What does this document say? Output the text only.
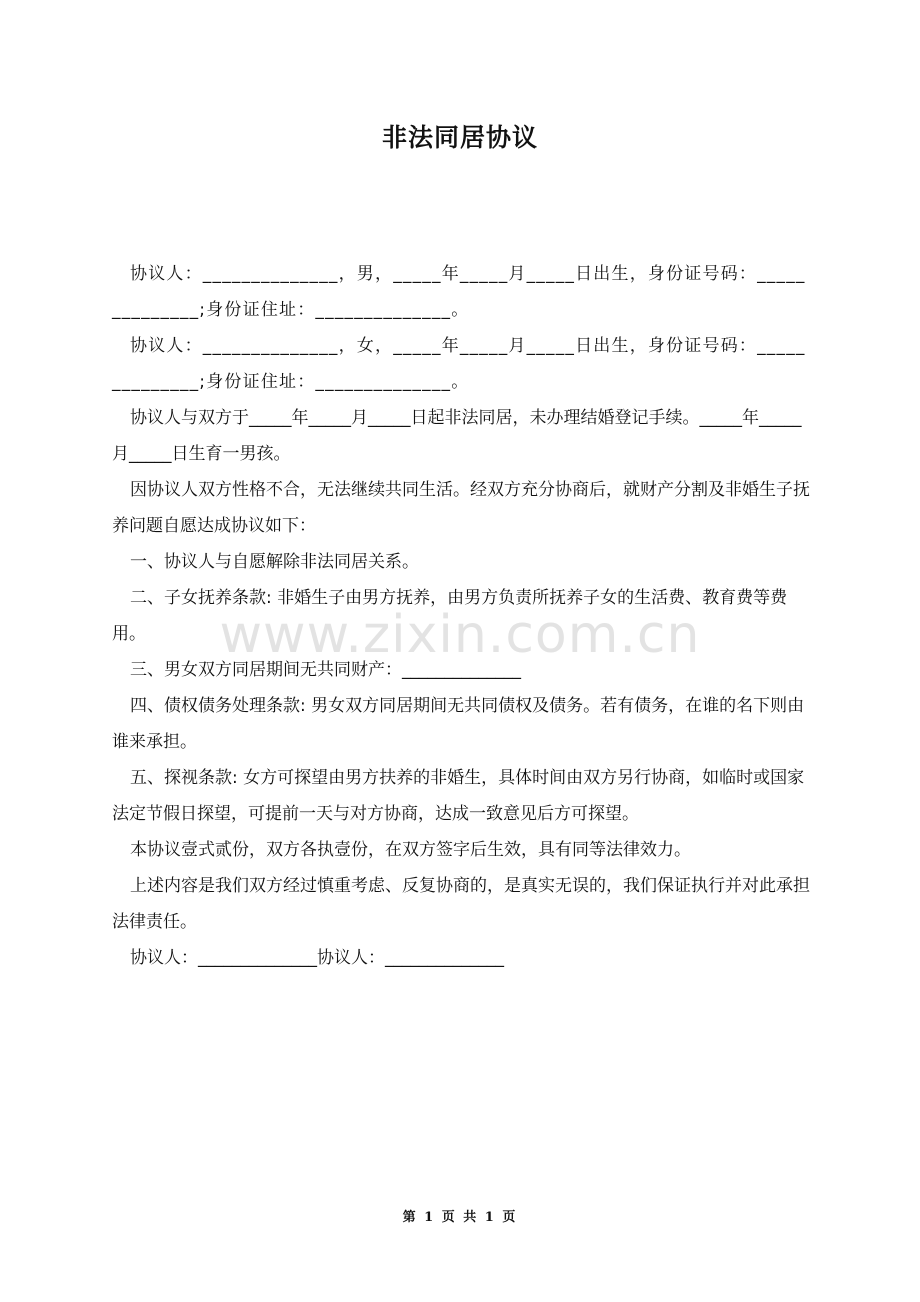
www.zixin.com.cn
非法同居协议

协议人：______________，男，_____年_____月_____日出生，身份证号码：______________;身份证住址：______________。

协议人：______________，女，_____年_____月_____日出生，身份证号码：______________;身份证住址：______________。

协议人与双方于_____年_____月_____日起非法同居，未办理结婚登记手续。_____年_____月_____日生育一男孩。

因协议人双方性格不合，无法继续共同生活。经双方充分协商后，就财产分割及非婚生子抚养问题自愿达成协议如下：

一、协议人与自愿解除非法同居关系。

二、子女抚养条款: 非婚生子由男方抚养，由男方负责所抚养子女的生活费、教育费等费用。

三、男女双方同居期间无共同财产：______________

四、债权债务处理条款: 男女双方同居期间无共同债权及债务。若有债务，在谁的名下则由谁来承担。

五、探视条款: 女方可探望由男方扶养的非婚生，具体时间由双方另行协商，如临时或国家法定节假日探望，可提前一天与对方协商，达成一致意见后方可探望。

本协议壹式贰份，双方各执壹份，在双方签字后生效，具有同等法律效力。

上述内容是我们双方经过慎重考虑、反复协商的，是真实无误的，我们保证执行并对此承担法律责任。

协议人：______________协议人：______________

第 1 页 共 1 页
